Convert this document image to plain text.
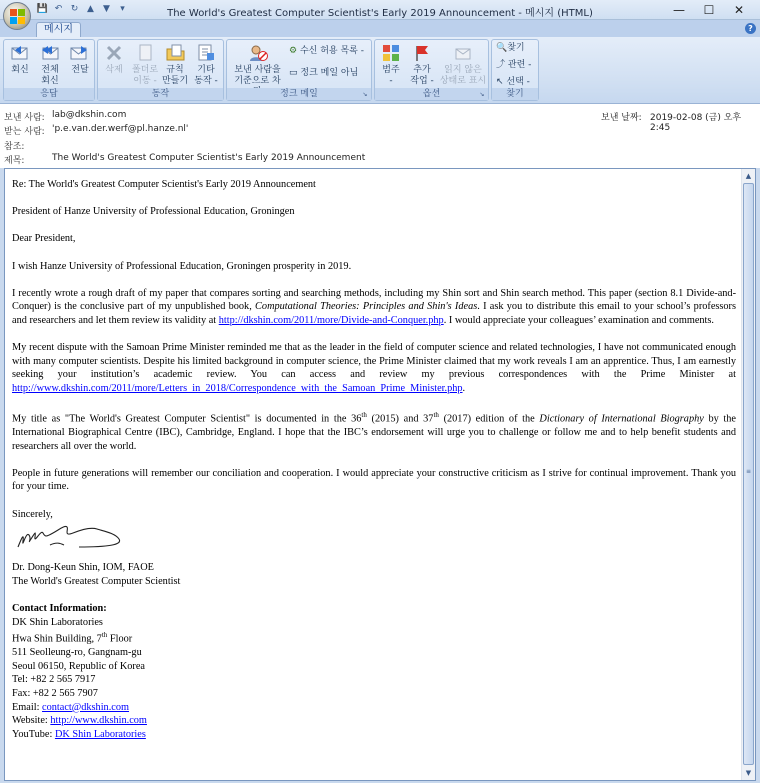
💾 ↶ ↻ ▲	▼	▾	The World's Greatest Computer Scientist's Early 2019 Announcement - 메시지 (HTML)	—	☐	✕
메시지	?
회신	전체
회신
전달
응답
삭제	폴더로
이동 -
규칙
만들기
기타
동작 -
동작
보낸 사람을
기준으로 차
⚙ 수신 허용 목록 -
▭ 정크 메일 아님
정크 메일	↘
범주
-
추가
작업 -
읽지 않은
상태로 표시
옵션	↘
🔍찾기
⤴ 관련 -
↖ 선택 -
찾기
보낸 사람: lab@dkshin.com
받는 사람: 'p.e.van.der.werf@pl.hanze.nl'
참조:
제목:	The World's Greatest Computer Scientist's Early 2019 Announcement
보낸 날짜: 2019-02-08 (금) 오후 2:45

Re: The World's Greatest Computer Scientist's Early 2019 Announcement

President of Hanze University of Professional Education, Groningen

Dear President,

I wish Hanze University of Professional Education, Groningen prosperity in 2019.

I recently wrote a rough draft of my paper that compares sorting and searching methods, including my Shin sort and Shin search method. This paper (section 8.1 Divide-and-Conquer) is the conclusive part of my unpublished book, Computational Theories: Principles and Shin's Ideas. I ask you to distribute this email to your school’s professors and researchers and let them review its validity at http://dkshin.com/2011/more/Divide-and-Conquer.php. I would appreciate your colleagues’ examination and comments.

My recent dispute with the Samoan Prime Minister reminded me that as the leader in the field of computer science and related technologies, I have not communicated enough with many computer scientists. Despite his limited background in computer science, the Prime Minister claimed that my work reveals I am an apprentice. Thus, I am earnestly seeking your institution’s academic review. You can access and review my previous correspondences with the Prime Minister at http://www.dkshin.com/2011/more/Letters_in_2018/Correspondence_with_the_Samoan_Prime_Minister.php.

My title as "The World's Greatest Computer Scientist" is documented in the 36th (2015) and 37th (2017) edition of the Dictionary of International Biography by the International Biographical Centre (IBC), Cambridge, England. I hope that the IBC’s endorsement will urge you to challenge or follow me and to help benefit students and researchers all over the world.

People in future generations will remember our conciliation and cooperation. I would appreciate your constructive criticism as I strive for continual improvement. Thank you for your time.

Sincerely,
Dr. Dong-Keun Shin, IOM, FAOE
The World's Greatest Computer Scientist
Contact Information:
DK Shin Laboratories
Hwa Shin Building, 7th Floor
511 Seolleung-ro, Gangnam-gu
Seoul 06150, Republic of Korea
Tel: +82 2 565 7917
Fax: +82 2 565 7907
Email: contact@dkshin.com
Website: http://www.dkshin.com
YouTube: DK Shin Laboratories
▲
≡
▼
